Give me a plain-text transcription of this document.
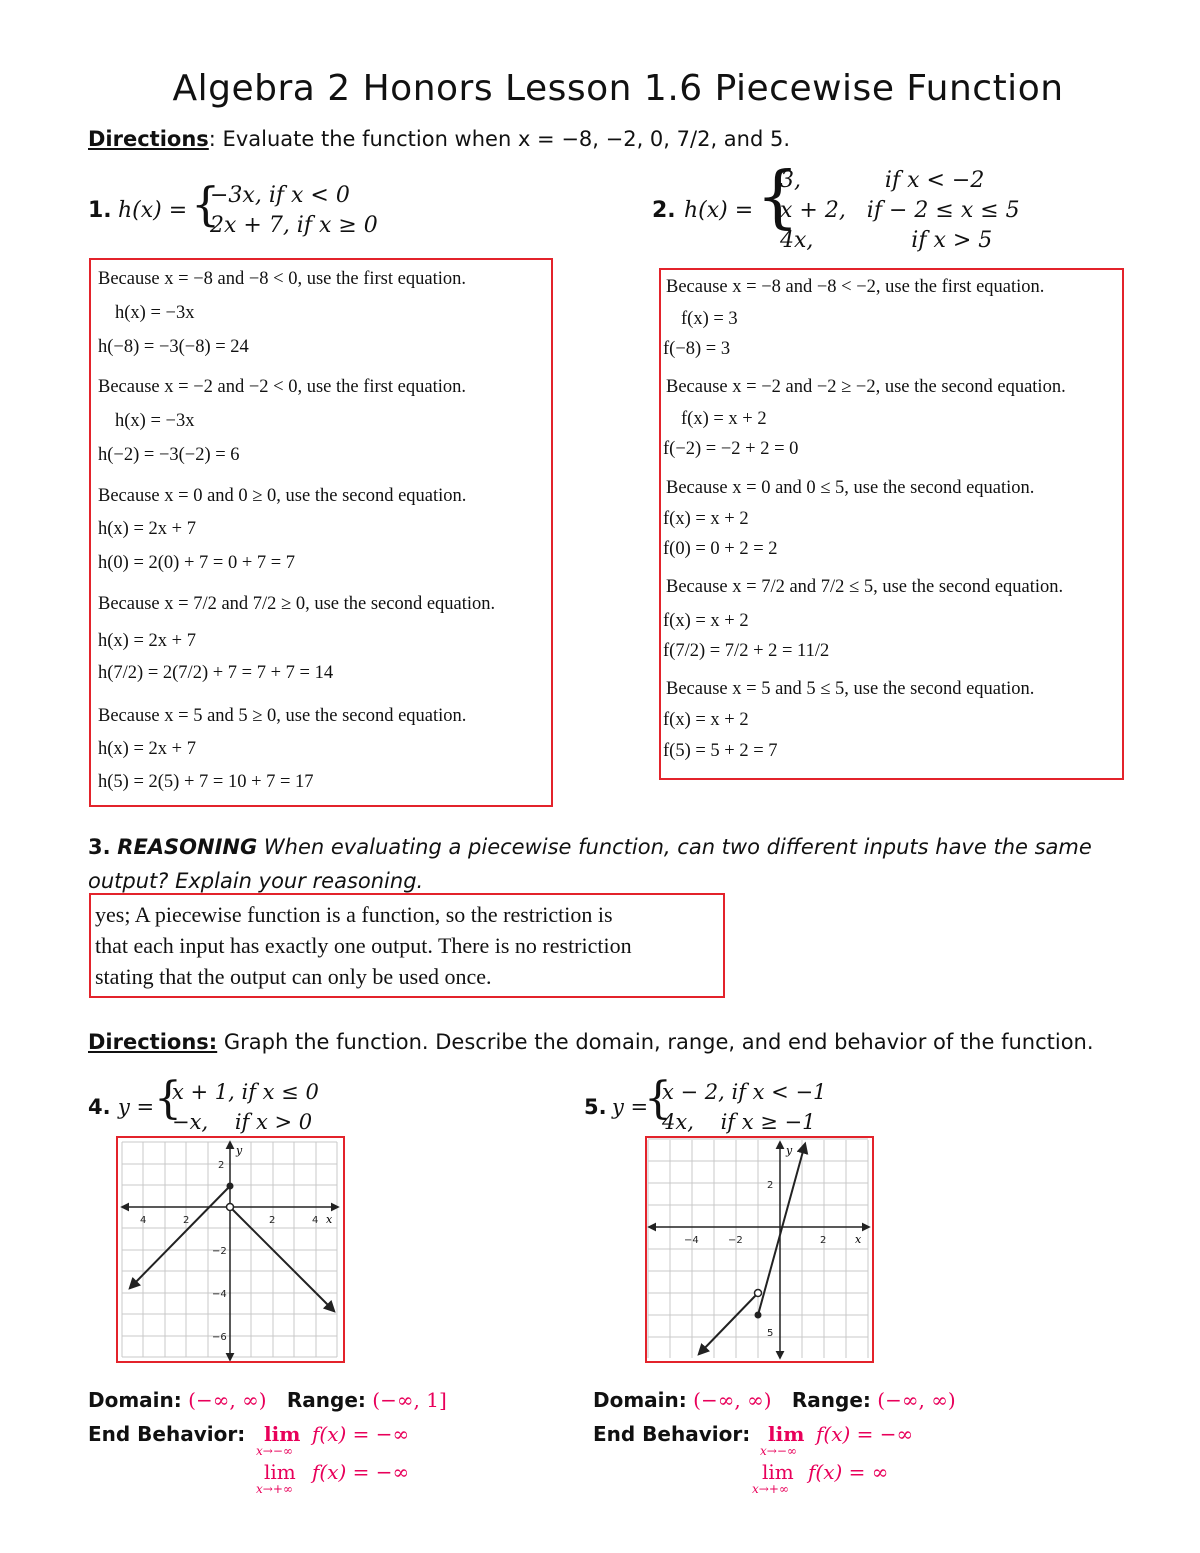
Algebra 2 Honors Lesson 1.6 Piecewise Function
Directions: Evaluate the function when x = −8, −2, 0, 7/2, and 5.
1. h(x) = {
−3x, if x < 0
2x + 7, if x ≥ 0
2. h(x) = {
3,            if x < −2
x + 2,   if − 2 ≤ x ≤ 5
4x,              if x > 5
Because x = −8 and −8 < 0, use the first equation.
h(x) = −3x
h(−8) = −3(−8) = 24
Because x = −2 and −2 < 0, use the first equation.
h(x) = −3x
h(−2) = −3(−2) = 6
Because x = 0 and 0 ≥ 0, use the second equation.
h(x) = 2x + 7
h(0) = 2(0) + 7 = 0 + 7 = 7
Because x = 7/2 and 7/2 ≥ 0, use the second equation.
h(x) = 2x + 7
h(7/2) = 2(7/2) + 7 = 7 + 7 = 14
Because x = 5 and 5 ≥ 0, use the second equation.
h(x) = 2x + 7
h(5) = 2(5) + 7 = 10 + 7 = 17
Because x = −8 and −8 < −2, use the first equation.
f(x) = 3
f(−8) = 3
Because x = −2 and −2 ≥ −2, use the second equation.
f(x) = x + 2
f(−2) = −2 + 2 = 0
Because x = 0 and 0 ≤ 5, use the second equation.
f(x) = x + 2
f(0) = 0 + 2 = 2
Because x = 7/2 and 7/2 ≤ 5, use the second equation.
f(x) = x + 2
f(7/2) = 7/2 + 2 = 11/2
Because x = 5 and 5 ≤ 5, use the second equation.
f(x) = x + 2
f(5) = 5 + 2 = 7
3. REASONING When evaluating a piecewise function, can two different inputs have the same
output? Explain your reasoning.
yes; A piecewise function is a function, so the restriction is
that each input has exactly one output. There is no restriction
stating that the output can only be used once.
Directions: Graph the function. Describe the domain, range, and end behavior of the function.
4. y = {
x + 1, if x ≤ 0
−x,    if x > 0
5. y =
{
x − 2, if x < −1
4x,    if x ≥ −1
x
y
4	2	2	4
2
−2
−4
−6
x
y
−4	−2	2
2
5
Domain: (−∞, ∞) Range: (−∞, 1]
End Behavior: lim
x→−∞
f(x) = −∞
lim
x→+∞
f(x) = −∞
Domain: (−∞, ∞) Range: (−∞, ∞)
End Behavior: lim
x→−∞
f(x) = −∞
lim
x→+∞
f(x) = ∞
